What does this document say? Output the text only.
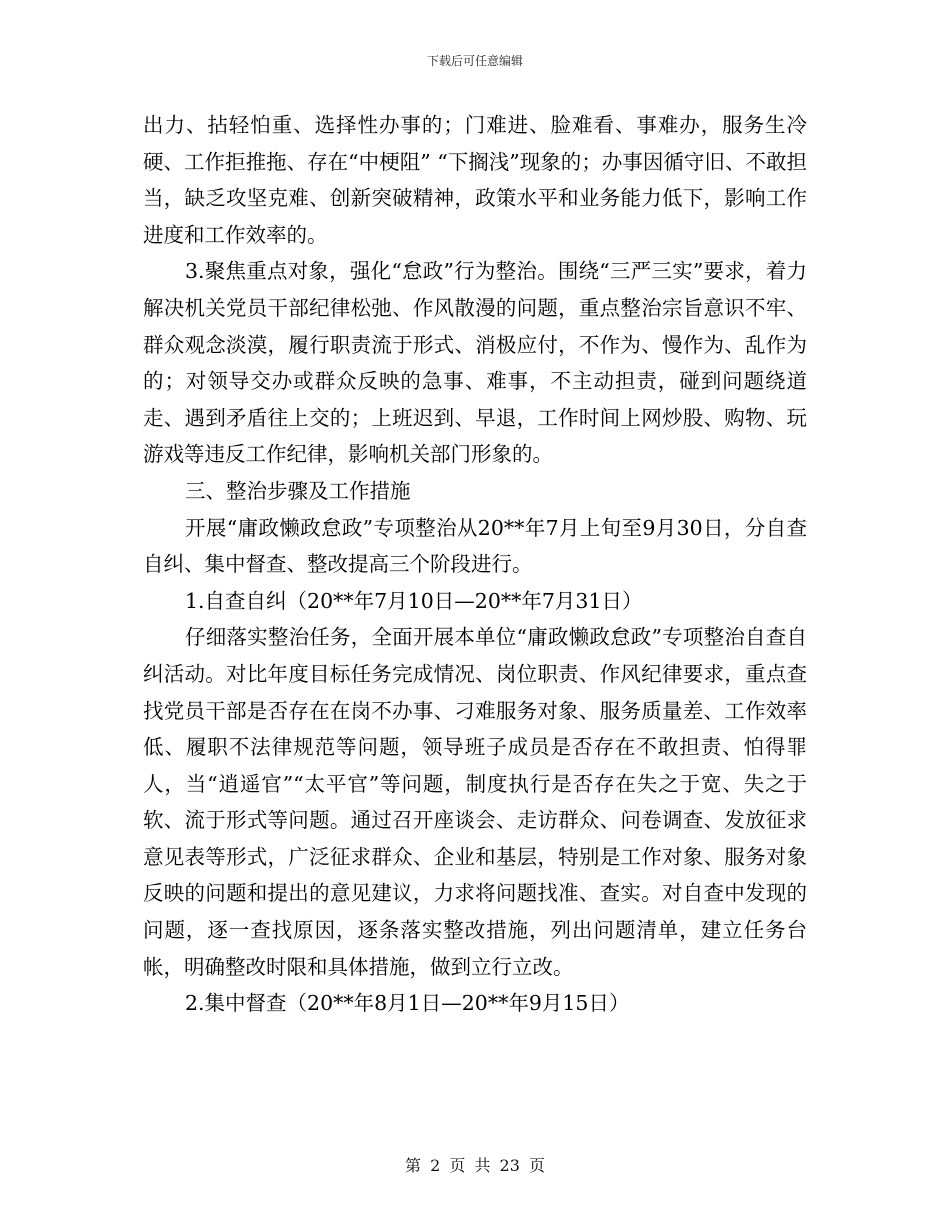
下载后可任意编辑

出力、拈轻怕重、选择性办事的；门难进、脸难看、事难办，服务生冷硬、工作拒推拖、存在“中梗阻” “下搁浅”现象的；办事因循守旧、不敢担当，缺乏攻坚克难、创新突破精神，政策水平和业务能力低下，影响工作进度和工作效率的。

3.聚焦重点对象，强化“怠政”行为整治。围绕“三严三实”要求，着力解决机关党员干部纪律松弛、作风散漫的问题，重点整治宗旨意识不牢、群众观念淡漠，履行职责流于形式、消极应付，不作为、慢作为、乱作为的；对领导交办或群众反映的急事、难事，不主动担责，碰到问题绕道走、遇到矛盾往上交的；上班迟到、早退，工作时间上网炒股、购物、玩游戏等违反工作纪律，影响机关部门形象的。

三、整治步骤及工作措施

开展“庸政懒政怠政”专项整治从20**年7月上旬至9月30日，分自查自纠、集中督查、整改提高三个阶段进行。

1.自查自纠（20**年7月10日—20**年7月31日）

仔细落实整治任务，全面开展本单位“庸政懒政怠政”专项整治自查自纠活动。对比年度目标任务完成情况、岗位职责、作风纪律要求，重点查找党员干部是否存在在岗不办事、刁难服务对象、服务质量差、工作效率低、履职不法律规范等问题，领导班子成员是否存在不敢担责、怕得罪人，当“逍遥官”“太平官”等问题，制度执行是否存在失之于宽、失之于软、流于形式等问题。通过召开座谈会、走访群众、问卷调查、发放征求意见表等形式，广泛征求群众、企业和基层，特别是工作对象、服务对象反映的问题和提出的意见建议，力求将问题找准、查实。对自查中发现的问题，逐一查找原因，逐条落实整改措施，列出问题清单，建立任务台帐，明确整改时限和具体措施，做到立行立改。

2.集中督查（20**年8月1日—20**年9月15日）

第 2 页 共 23 页
